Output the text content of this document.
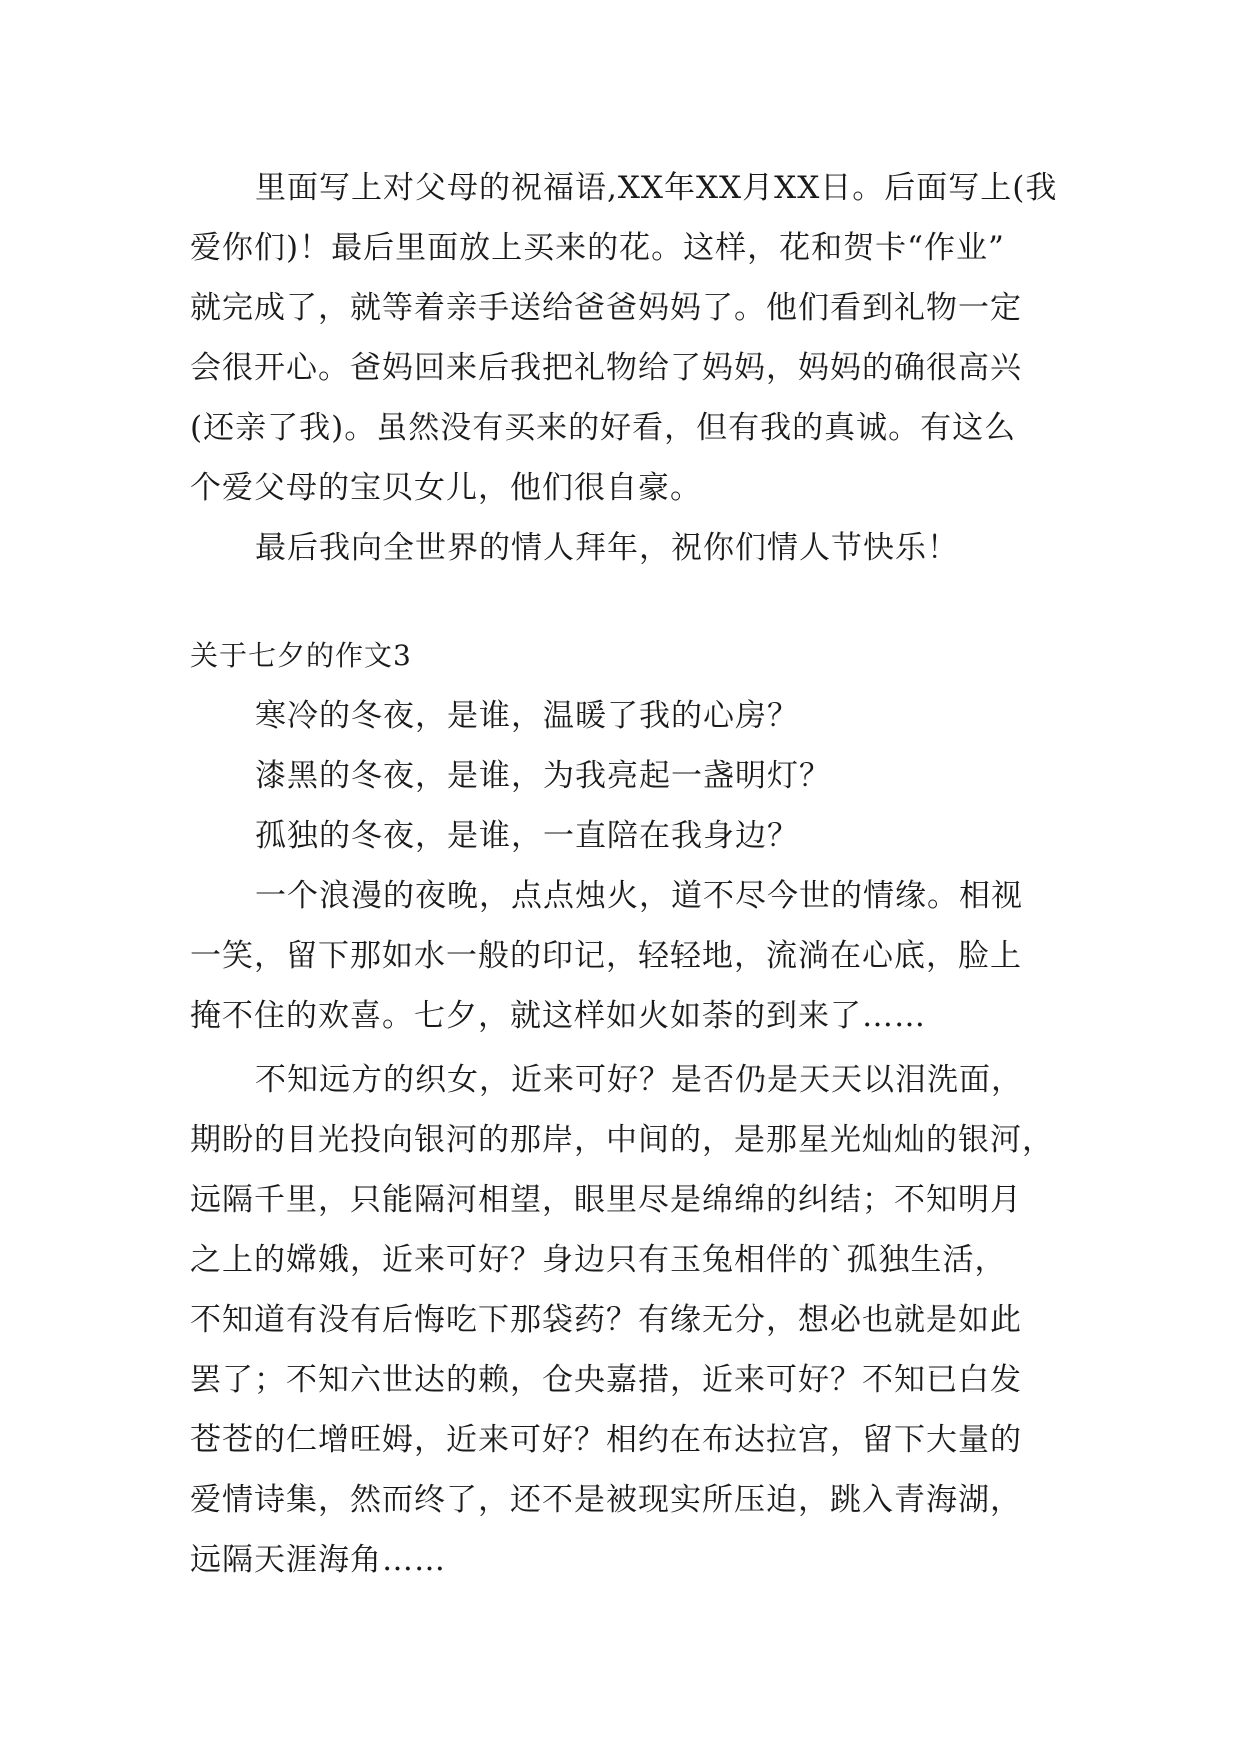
里面写上对父母的祝福语,XX年XX月XX日。后面写上(我
爱你们)！最后里面放上买来的花。这样，花和贺卡“作业”
就完成了，就等着亲手送给爸爸妈妈了。他们看到礼物一定
会很开心。爸妈回来后我把礼物给了妈妈，妈妈的确很高兴
(还亲了我)。虽然没有买来的好看，但有我的真诚。有这么
个爱父母的宝贝女儿，他们很自豪。
最后我向全世界的情人拜年，祝你们情人节快乐！
关于七夕的作文3
寒冷的冬夜，是谁，温暖了我的心房？
漆黑的冬夜，是谁，为我亮起一盏明灯？
孤独的冬夜，是谁，一直陪在我身边？
一个浪漫的夜晚，点点烛火，道不尽今世的情缘。相视
一笑，留下那如水一般的印记，轻轻地，流淌在心底，脸上
掩不住的欢喜。七夕，就这样如火如荼的到来了……
不知远方的织女，近来可好？是否仍是天天以泪洗面，
期盼的目光投向银河的那岸，中间的，是那星光灿灿的银河，
远隔千里，只能隔河相望，眼里尽是绵绵的纠结；不知明月
之上的嫦娥，近来可好？身边只有玉兔相伴的`孤独生活，
不知道有没有后悔吃下那袋药？有缘无分，想必也就是如此
罢了；不知六世达的赖，仓央嘉措，近来可好？不知已白发
苍苍的仁增旺姆，近来可好？相约在布达拉宫，留下大量的
爱情诗集，然而终了，还不是被现实所压迫，跳入青海湖，
远隔天涯海角……
